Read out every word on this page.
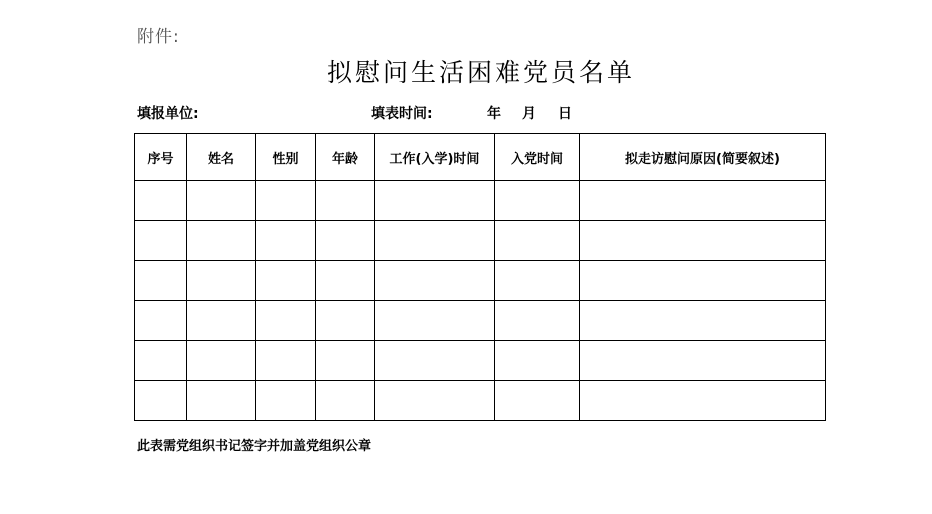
附件:
拟慰问生活困难党员名单
填报单位:	填表时间:	年 月 日
序号	姓名	性别	年龄	工作(入学)时间	入党时间	拟走访慰问原因(简要叙述)

此表需党组织书记签字并加盖党组织公章
